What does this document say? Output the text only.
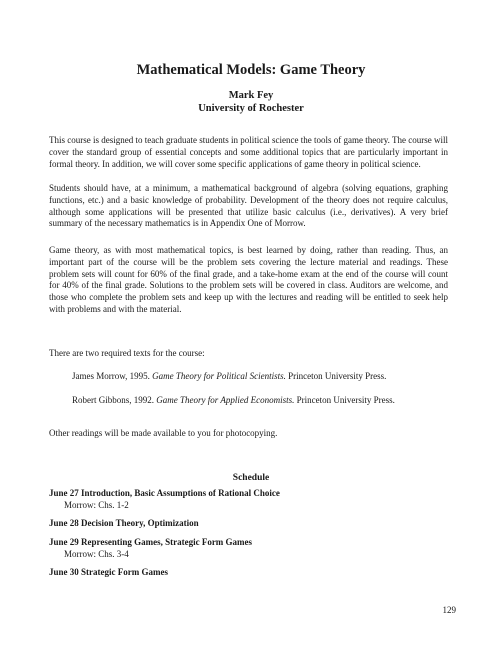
Mathematical Models: Game Theory
Mark Fey
University of Rochester

This course is designed to teach graduate students in political science the tools of game theory. The course will cover the standard group of essential concepts and some additional topics that are particularly important in formal theory. In addition, we will cover some specific applications of game theory in political science.

Students should have, at a minimum, a mathematical background of algebra (solving equations, graphing functions, etc.) and a basic knowledge of probability. Development of the theory does not require calculus, although some applications will be presented that utilize basic calculus (i.e., derivatives). A very brief summary of the necessary mathematics is in Appendix One of Morrow.

Game theory, as with most mathematical topics, is best learned by doing, rather than reading. Thus, an important part of the course will be the problem sets covering the lecture material and readings. These problem sets will count for 60% of the final grade, and a take-home exam at the end of the course will count for 40% of the final grade. Solutions to the problem sets will be covered in class. Auditors are welcome, and those who complete the problem sets and keep up with the lectures and reading will be entitled to seek help with problems and with the material.

There are two required texts for the course:

James Morrow, 1995. Game Theory for Political Scientists. Princeton University Press.

Robert Gibbons, 1992. Game Theory for Applied Economists. Princeton University Press.

Other readings will be made available to you for photocopying.

Schedule

June 27 Introduction, Basic Assumptions of Rational Choice

Morrow: Chs. 1-2

June 28 Decision Theory, Optimization

June 29 Representing Games, Strategic Form Games

Morrow: Chs. 3-4

June 30 Strategic Form Games

129
